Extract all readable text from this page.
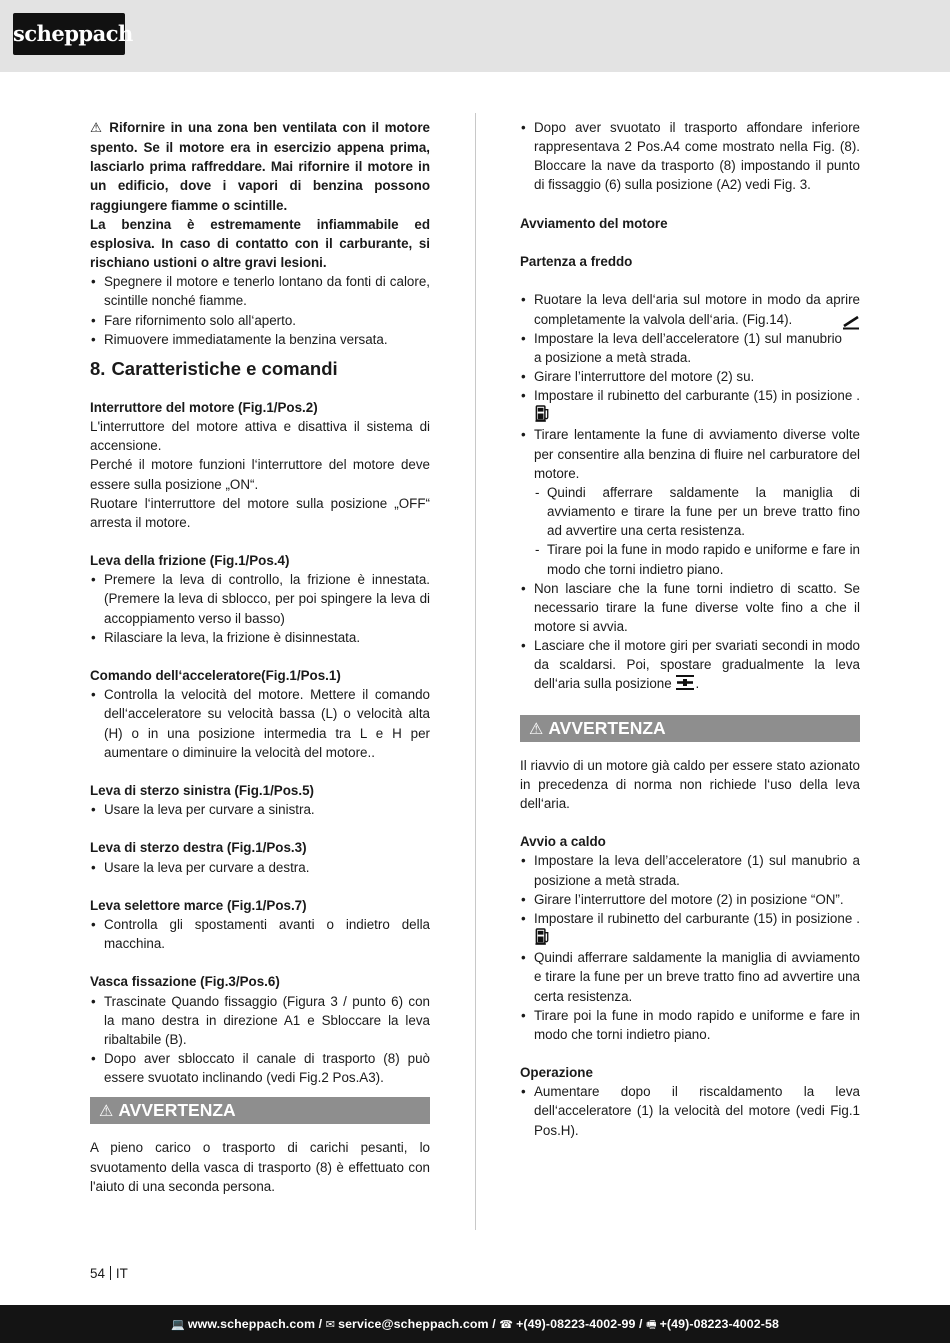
scheppach

⚠ Rifornire in una zona ben ventilata con il motore spento. Se il motore era in esercizio appena prima, lasciarlo prima raffreddare. Mai rifornire il motore in un edificio, dove i vapori di benzina possono raggiungere fiamme o scintille.

La benzina è estremamente infiammabile ed esplosiva. In caso di contatto con il carburante, si rischiano ustioni o altre gravi lesioni.

• Spegnere il motore e tenerlo lontano da fonti di calore, scintille nonché fiamme.
• Fare rifornimento solo all‘aperto.
• Rimuovere immediatamente la benzina versata.
8. Caratteristiche e comandi
Interruttore del motore (Fig.1/Pos.2)

L'interruttore del motore attiva e disattiva il sistema di accensione.

Perché il motore funzioni l‘interruttore del motore deve essere sulla posizione „ON“.

Ruotare l‘interruttore del motore sulla posizione „OFF“ arresta il motore.

Leva della frizione (Fig.1/Pos.4)
• Premere la leva di controllo, la frizione è innestata. (Premere la leva di sblocco, per poi spingere la leva di accoppiamento verso il basso)
• Rilasciare la leva, la frizione è disinnestata.
Comando dell‘acceleratore(Fig.1/Pos.1)
• Controlla la velocità del motore. Mettere il comando dell‘acceleratore su velocità bassa (L) o velocità alta (H) o in una posizione intermedia tra L e H per aumentare o diminuire la velocità del motore..
Leva di sterzo sinistra (Fig.1/Pos.5)
• Usare la leva per curvare a sinistra.
Leva di sterzo destra (Fig.1/Pos.3)
• Usare la leva per curvare a destra.
Leva selettore marce (Fig.1/Pos.7)
• Controlla gli spostamenti avanti o indietro della macchina.
Vasca fissazione (Fig.3/Pos.6)
• Trascinate Quando fissaggio (Figura 3 / punto 6) con la mano destra in direzione A1 e Sbloccare la leva ribaltabile (B).
• Dopo aver sbloccato il canale di trasporto (8) può essere svuotato inclinando (vedi Fig.2 Pos.A3).
⚠ AVVERTENZA

A pieno carico o trasporto di carichi pesanti, lo svuotamento della vasca di trasporto (8) è effettuato con l'aiuto di una seconda persona.

• Dopo aver svuotato il trasporto affondare inferiore rappresentava 2 Pos.A4 come mostrato nella Fig. (8). Bloccare la nave da trasporto (8) impostando il punto di fissaggio (6) sulla posizione (A2) vedi Fig. 3.
Avviamento del motore
Partenza a freddo
• Ruotare la leva dell‘aria sul motore in modo da aprire completamente la valvola dell‘aria. (Fig.14).
• Impostare la leva dell’acceleratore (1) sul manubrio a posizione a metà strada.
• Girare l’interruttore del motore (2) su.
• Impostare il rubinetto del carburante (15) in posizione .
• Tirare lentamente la fune di avviamento diverse volte per consentire alla benzina di fluire nel carburatore del motore.
- Quindi afferrare saldamente la maniglia di avviamento e tirare la fune per un breve tratto fino ad avvertire una certa resistenza.
- Tirare poi la fune in modo rapido e uniforme e fare in modo che torni indietro piano.
• Non lasciare che la fune torni indietro di scatto. Se necessario tirare la fune diverse volte fino a che il motore si avvia.
• Lasciare che il motore giri per svariati secondi in modo da scaldarsi. Poi, spostare gradualmente la leva dell‘aria sulla posizione .
⚠ AVVERTENZA

Il riavvio di un motore già caldo per essere stato azionato in precedenza di norma non richiede l‘uso della leva dell‘aria.

Avvio a caldo
• Impostare la leva dell’acceleratore (1) sul manubrio a posizione a metà strada.
• Girare l’interruttore del motore (2) in posizione “ON”.
• Impostare il rubinetto del carburante (15) in posizione .
• Quindi afferrare saldamente la maniglia di avviamento e tirare la fune per un breve tratto fino ad avvertire una certa resistenza.
• Tirare poi la fune in modo rapido e uniforme e fare in modo che torni indietro piano.
Operazione
• Aumentare dopo il riscaldamento la leva dell‘acceleratore (1) la velocità del motore (vedi Fig.1 Pos.H).
54 IT
💻 www.scheppach.com / ✉ service@scheppach.com / ☎ +(49)-08223-4002-99 / 🖷 +(49)-08223-4002-58
